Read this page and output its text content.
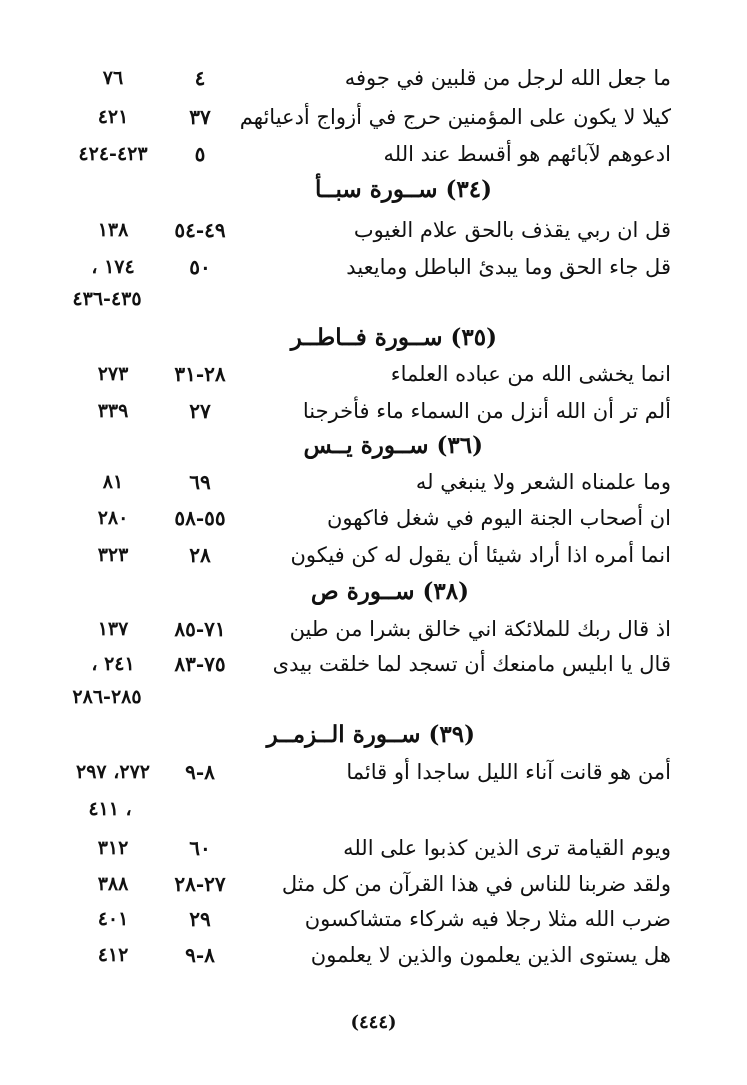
ما جعل الله لرجل من قلبين في جوفه
٤
٧٦
كيلا لا يكون على المؤمنين حرج في أزواج أدعيائهم
٣٧
٤٢١
ادعوهم لآبائهم هو أقسط عند الله
٥
٤٢٣-٤٢٤
(٣٤) ســورة سبــأ
قل ان ربي يقذف بالحق علام الغيوب
٤٩-٥٤
١٣٨
قل جاء الحق وما يبدئ الباطل ومايعيد
٥٠
١٧٤ ،
٤٣٥-٤٣٦
(٣٥) ســورة فــاطــر
انما يخشى الله من عباده العلماء
٢٨-٣١
٢٧٣
ألم تر أن الله أنزل من السماء ماء فأخرجنا
٢٧
٣٣٩
(٣٦) ســورة يــس
وما علمناه الشعر ولا ينبغي له
٦٩
٨١
ان أصحاب الجنة اليوم في شغل فاكهون
٥٥-٥٨
٢٨٠
انما أمره اذا أراد شيئا أن يقول له كن فيكون
٢٨
٣٢٣
(٣٨) ســورة ص
اذ قال ربك للملائكة اني خالق بشرا من طين
٧١-٨٥
١٣٧
قال يا ابليس مامنعك أن تسجد لما خلقت بيدى
٧٥-٨٣
٢٤١ ،
٢٨٥-٢٨٦
(٣٩) ســورة الــزمــر
أمن هو قانت آناء الليل ساجدا أو قائما
٨-٩
٢٧٢، ٢٩٧
، ٤١١
ويوم القيامة ترى الذين كذبوا على الله
٦٠
٣١٢
ولقد ضربنا للناس في هذا القرآن من كل مثل
٢٧-٢٨
٣٨٨
ضرب الله مثلا رجلا فيه شركاء متشاكسون
٢٩
٤٠١
هل يستوى الذين يعلمون والذين لا يعلمون
٨-٩
٤١٢
(٤٤٤)
